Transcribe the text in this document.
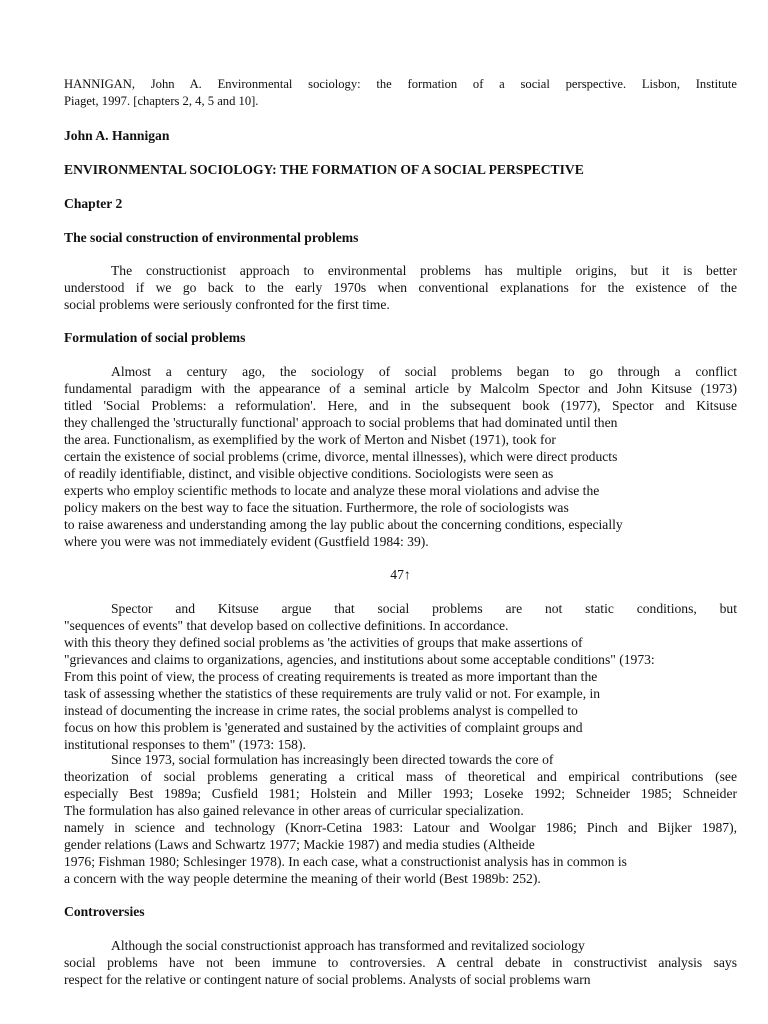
HANNIGAN, John A. Environmental sociology: the formation of a social perspective. Lisbon, Institute
Piaget, 1997. [chapters 2, 4, 5 and 10].
John A. Hannigan
ENVIRONMENTAL SOCIOLOGY: THE FORMATION OF A SOCIAL PERSPECTIVE
Chapter 2
The social construction of environmental problems
The constructionist approach to environmental problems has multiple origins, but it is better
understood if we go back to the early 1970s when conventional explanations for the existence of the
social problems were seriously confronted for the first time.
Formulation of social problems
Almost a century ago, the sociology of social problems began to go through a conflict
fundamental paradigm with the appearance of a seminal article by Malcolm Spector and John Kitsuse (1973)
titled 'Social Problems: a reformulation'. Here, and in the subsequent book (1977), Spector and Kitsuse
they challenged the 'structurally functional' approach to social problems that had dominated until then
the area. Functionalism, as exemplified by the work of Merton and Nisbet (1971), took for
certain the existence of social problems (crime, divorce, mental illnesses), which were direct products
of readily identifiable, distinct, and visible objective conditions. Sociologists were seen as
experts who employ scientific methods to locate and analyze these moral violations and advise the
policy makers on the best way to face the situation. Furthermore, the role of sociologists was
to raise awareness and understanding among the lay public about the concerning conditions, especially
where you were was not immediately evident (Gustfield 1984: 39).
47↑
Spector and Kitsuse argue that social problems are not static conditions, but
"sequences of events" that develop based on collective definitions. In accordance.
with this theory they defined social problems as 'the activities of groups that make assertions of
"grievances and claims to organizations, agencies, and institutions about some acceptable conditions" (1973:
From this point of view, the process of creating requirements is treated as more important than the
task of assessing whether the statistics of these requirements are truly valid or not. For example, in
instead of documenting the increase in crime rates, the social problems analyst is compelled to
focus on how this problem is 'generated and sustained by the activities of complaint groups and
institutional responses to them" (1973: 158).
Since 1973, social formulation has increasingly been directed towards the core of
theorization of social problems generating a critical mass of theoretical and empirical contributions (see
especially Best 1989a; Cusfield 1981; Holstein and Miller 1993; Loseke 1992; Schneider 1985; Schneider
The formulation has also gained relevance in other areas of curricular specialization.
namely in science and technology (Knorr-Cetina 1983: Latour and Woolgar 1986; Pinch and Bijker 1987),
gender relations (Laws and Schwartz 1977; Mackie 1987) and media studies (Altheide
1976; Fishman 1980; Schlesinger 1978). In each case, what a constructionist analysis has in common is
a concern with the way people determine the meaning of their world (Best 1989b: 252).
Controversies
Although the social constructionist approach has transformed and revitalized sociology
social problems have not been immune to controversies. A central debate in constructivist analysis says
respect for the relative or contingent nature of social problems. Analysts of social problems warn
